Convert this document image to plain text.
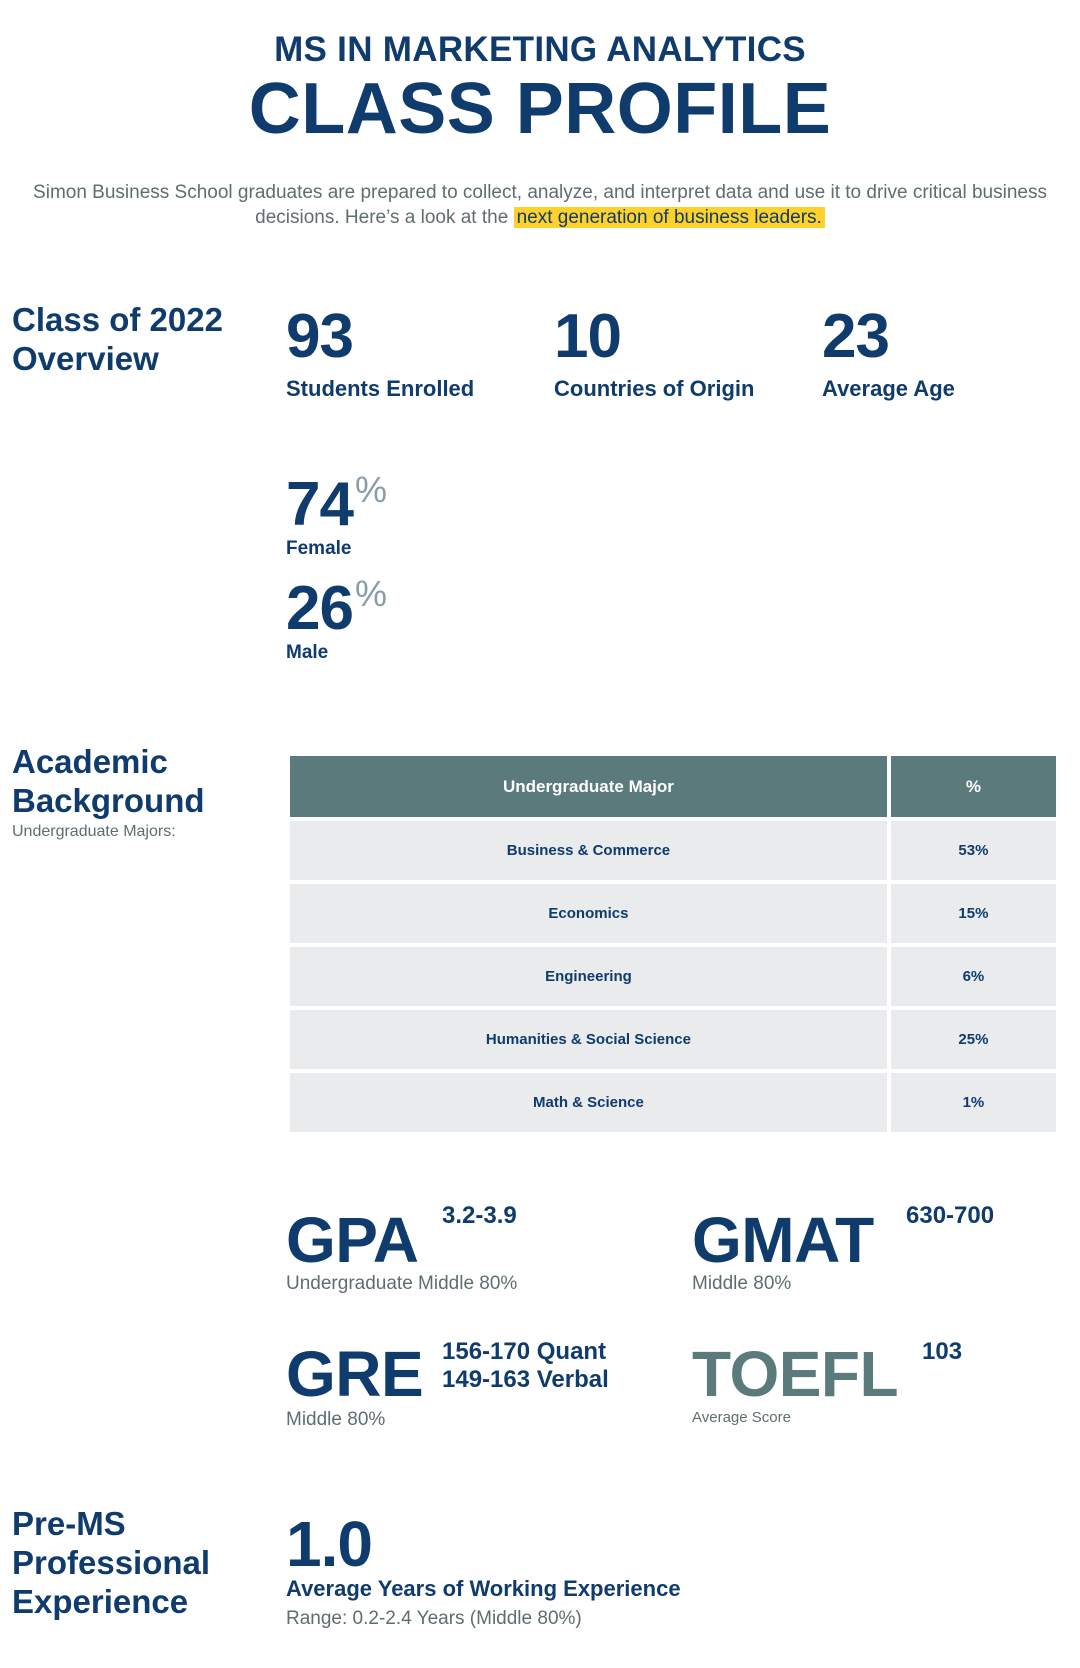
MS IN MARKETING ANALYTICS
CLASS PROFILE
Simon Business School graduates are prepared to collect, analyze, and interpret data and use it to drive critical business decisions. Here’s a look at the next generation of business leaders.
Class of 2022
Overview	93
Students Enrolled
10
Countries of Origin
23
Average Age
74%
Female
26%
Male
Academic
Background
Undergraduate Majors:
Undergraduate Major	%
Business & Commerce	53%
Economics	15%
Engineering	6%
Humanities & Social Science	25%
Math & Science	1%
GPA 3.2-3.9
Undergraduate Middle 80%
GMAT 630-700
Middle 80%
GRE 156-170 Quant
149-163 Verbal
Middle 80%
TOEFL 103
Average Score
Pre-MS
Professional
Experience
1.0
Average Years of Working Experience
Range: 0.2-2.4 Years (Middle 80%)
